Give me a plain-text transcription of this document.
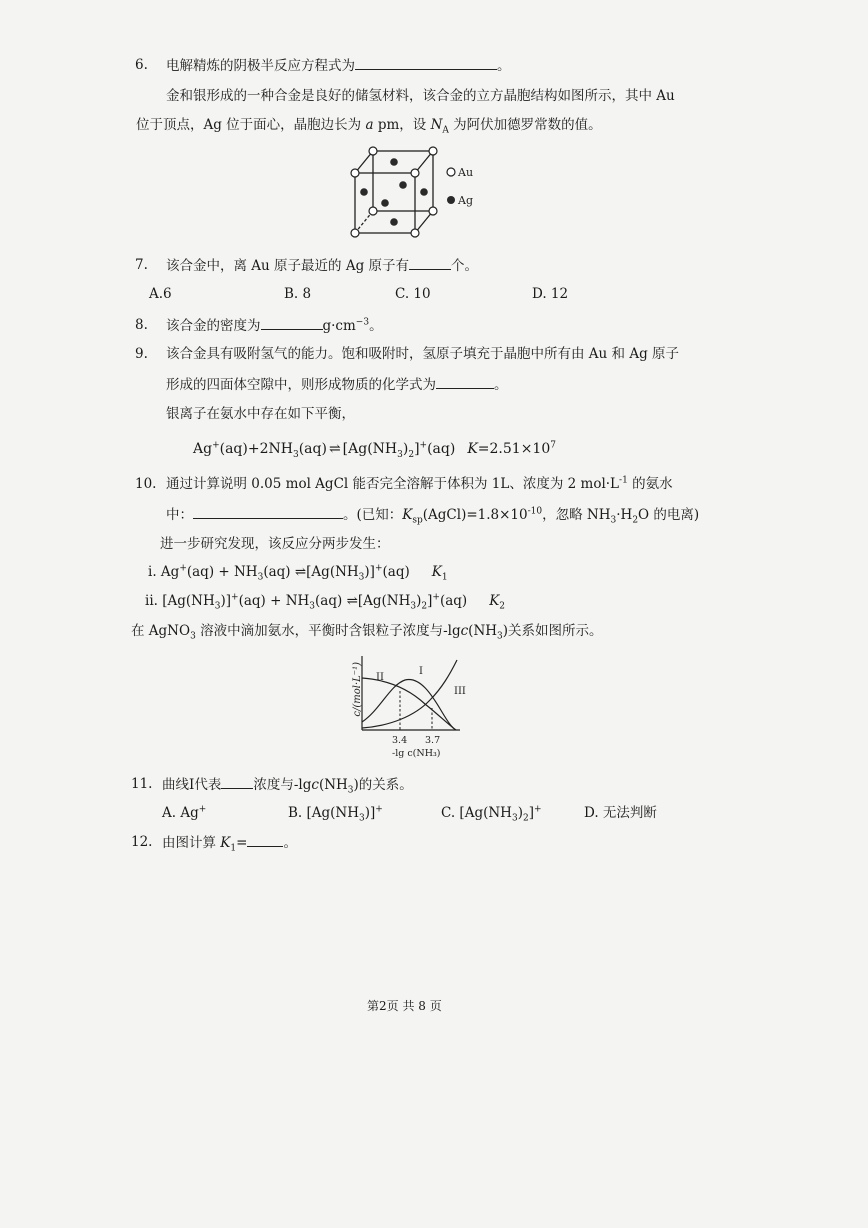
6. 电解精炼的阴极半反应方程式为	。
金和银形成的一种合金是良好的储氢材料，该合金的立方晶胞结构如图所示，其中 Au
位于顶点，Ag 位于面心，晶胞边长为 a pm，设 $N_A$ 为阿伏加德罗常数的值。
Au
Ag
7. 该合金中，离 Au 原子最近的 Ag 原子有	个。
A.6	B. 8	C. 10	D. 12
8. 该合金的密度为	$g\cdot cm^{-3}$。
9. 该合金具有吸附氢气的能力。饱和吸附时，氢原子填充于晶胞中所有由 Au 和 Ag 原子
形成的四面体空隙中，则形成物质的化学式为	。
银离子在氨水中存在如下平衡，
$Ag^+(aq)+2NH_3(aq)$ ⇌ $[Ag(NH_3)_2]^+(aq)$ $K=2.51\times 10^7$
10. 通过计算说明 0.05 mol AgCl 能否完全溶解于体积为 1L、浓度为 2 $mol\cdot L^{-1}$ 的氨水
中：	。(已知：$K_{sp}(AgCl)=1.8\times 10^{-10}$，忽略 $NH_3\cdot H_2O$ 的电离)
进一步研究发现，该反应分两步发生：
i. $Ag^+(aq) + NH_3(aq)$ $\rightleftharpoons[Ag(NH_3)]^+(aq)$ $K_1$
ii. $[Ag(NH_3)]^+(aq) + NH_3(aq)$ $\rightleftharpoons[Ag(NH_3)_2]^+(aq)$ $K_2$
在 AgNO$_3$ 溶液中滴加氨水，平衡时含银粒子浓度与$-\lg c(NH_3)$关系如图所示。
c/(mol·L⁻¹) II
I
III
3.4 3.7
-lg c(NH₃)
11. 曲线I代表 浓度与$-\lg c(NH_3)$的关系。
A. Ag+	B. $[Ag(NH_3)]^+$	C. $[Ag(NH_3)_2]^+$	D. 无法判断
12. 由图计算 $K_1=$	。
第2页 共 8 页
